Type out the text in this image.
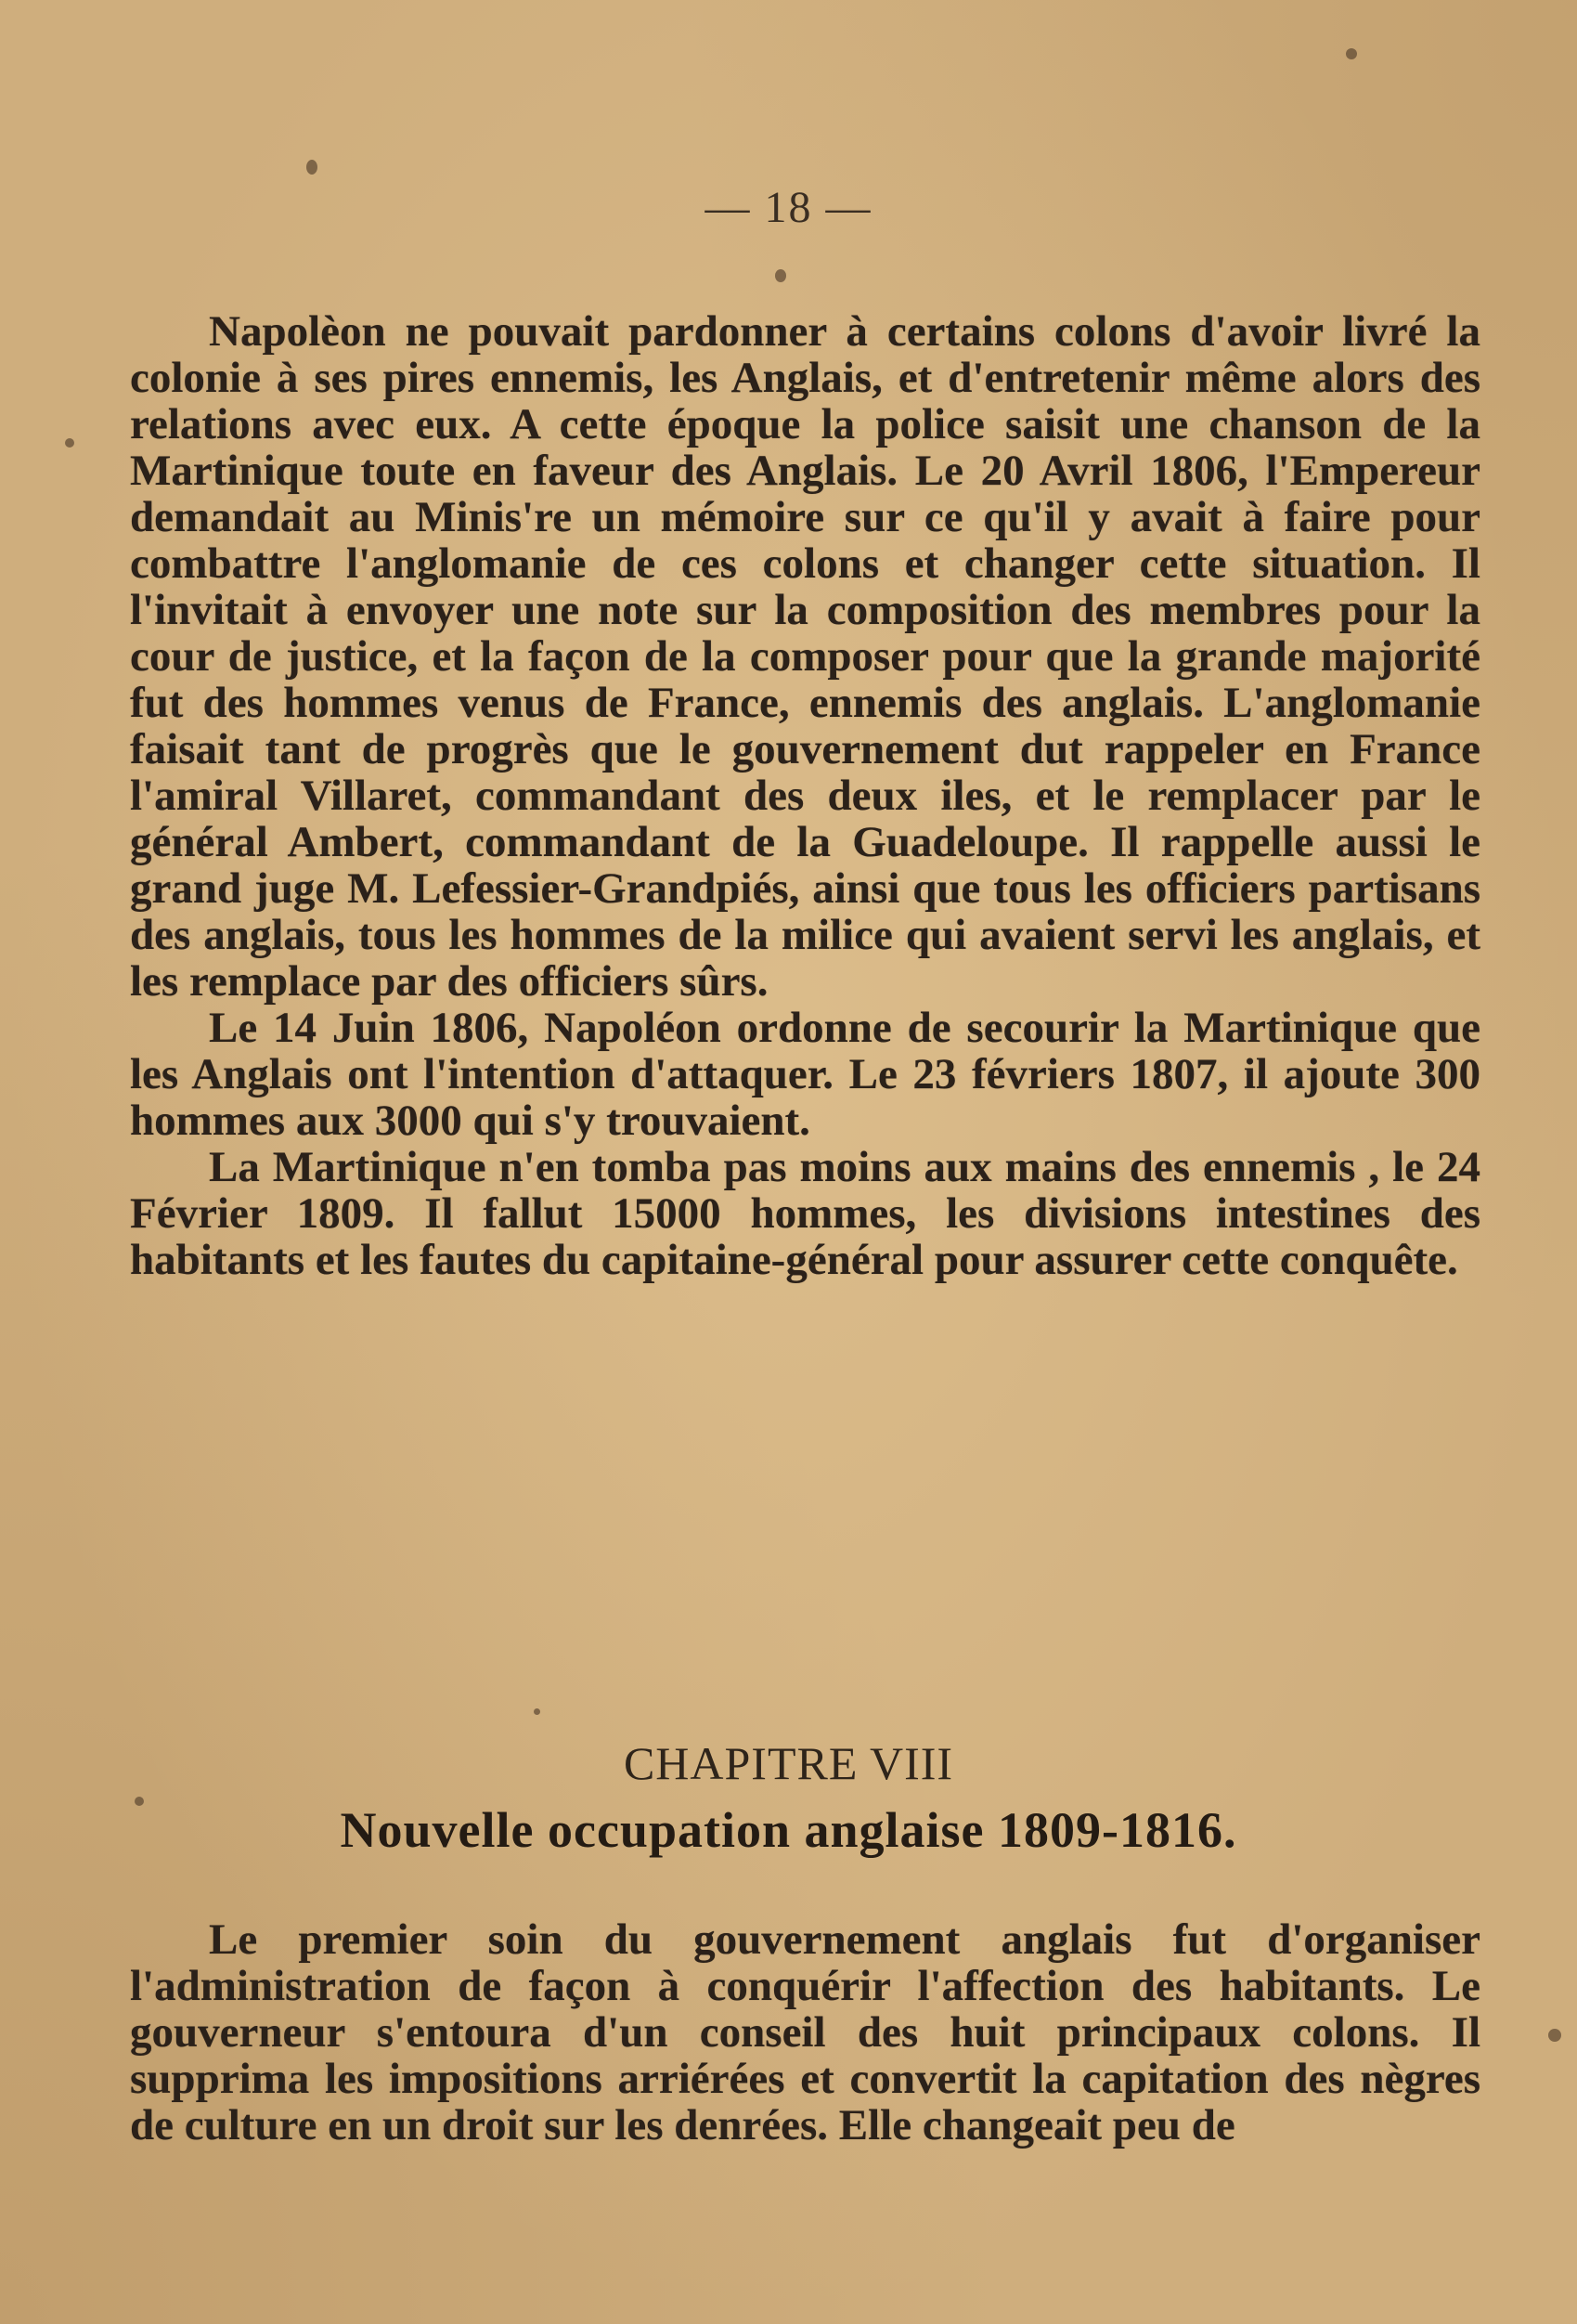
— 18 —

Napolèon ne pouvait pardonner à certains colons d'avoir livré la colonie à ses pires ennemis, les Anglais, et d'entretenir même alors des relations avec eux. A cette époque la police saisit une chanson de la Martinique toute en faveur des Anglais. Le 20 Avril 1806, l'Empereur demandait au Minis're un mémoire sur ce qu'il y avait à faire pour combattre l'anglomanie de ces colons et changer cette situation. Il l'invitait à envoyer une note sur la composition des membres pour la cour de justice, et la façon de la composer pour que la grande majorité fut des hommes venus de France, ennemis des anglais. L'anglomanie faisait tant de progrès que le gouvernement dut rappeler en France l'amiral Villaret, commandant des deux iles, et le remplacer par le général Ambert, commandant de la Guadeloupe. Il rappelle aussi le grand juge M. Lefessier-Grandpiés, ainsi que tous les officiers partisans des anglais, tous les hommes de la milice qui avaient servi les anglais, et les remplace par des officiers sûrs.

Le 14 Juin 1806, Napoléon ordonne de secourir la Martinique que les Anglais ont l'intention d'attaquer. Le 23 févriers 1807, il ajoute 300 hommes aux 3000 qui s'y trouvaient.

La Martinique n'en tomba pas moins aux mains des ennemis , le 24 Février 1809. Il fallut 15000 hommes, les divisions intestines des habitants et les fautes du capitaine-général pour assurer cette conquête.

CHAPITRE VIII
Nouvelle occupation anglaise 1809-1816.

Le premier soin du gouvernement anglais fut d'organiser l'administration de façon à conquérir l'affection des habitants. Le gouverneur s'entoura d'un conseil des huit principaux colons. Il supprima les impositions arriérées et convertit la capitation des nègres de culture en un droit sur les denrées. Elle changeait peu de
